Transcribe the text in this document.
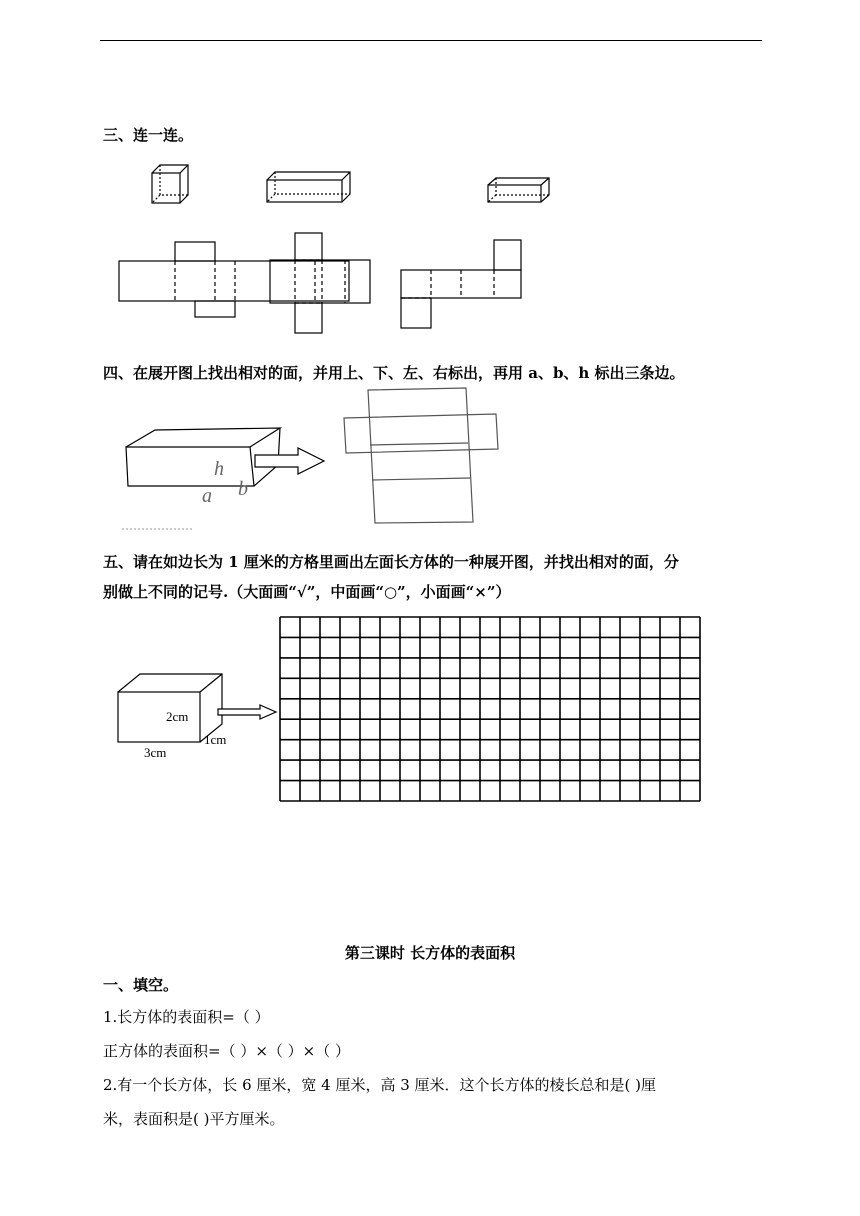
三、连一连。
四、在展开图上找出相对的面，并用上、下、左、右标出，再用 a、b、h 标出三条边。
h
a b
五、请在如边长为 1 厘米的方格里画出左面长方体的一种展开图，并找出相对的面，分
别做上不同的记号.（大面画“√”，中面画“○”，小面画“×”）
2cm
1cm
3cm
第三课时 长方体的表面积
一、填空。
1.长方体的表面积=（ ）
正方体的表面积=（ ）×（ ）×（ ）
2.有一个长方体，长 6 厘米，宽 4 厘米，高 3 厘米．这个长方体的棱长总和是( )厘
米，表面积是( )平方厘米。
